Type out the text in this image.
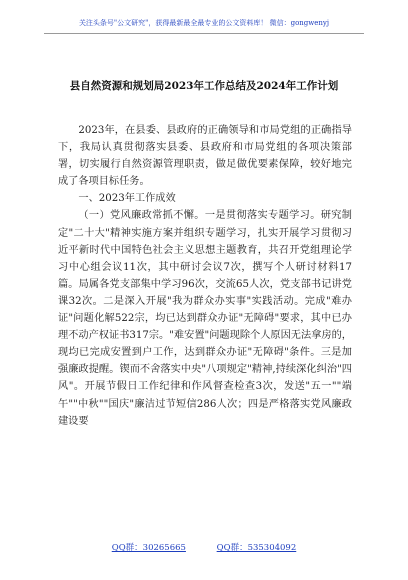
关注头条号"公文研究"，获得最新最全最专业的公文资料库！ 微信：gongwenyj
县自然资源和规划局2023年工作总结及2024年工作计划

2023年，在县委、县政府的正确领导和市局党组的正确指导下，我局认真贯彻落实县委、县政府和市局党组的各项决策部署，切实履行自然资源管理职责，做足做优要素保障，较好地完成了各项目标任务。

一、2023年工作成效

（一）党风廉政常抓不懈。一是贯彻落实专题学习。研究制定"二十大"精神实施方案并组织专题学习，扎实开展学习贯彻习近平新时代中国特色社会主义思想主题教育，共召开党组理论学习中心组会议11次，其中研讨会议7次，撰写个人研讨材料17篇。局属各党支部集中学习96次，交流65人次，党支部书记讲党课32次。二是深入开展"我为群众办实事"实践活动。完成"难办证"问题化解522宗，均已达到群众办证"无障碍"要求，其中已办理不动产权证书317宗。"难安置"问题现除个人原因无法拿房的，现均已完成安置到户工作，达到群众办证"无障碍"条件。三是加强廉政提醒。锲而不舍落实中央"八项规定"精神,持续深化纠治"四风"。开展节假日工作纪律和作风督查检查3次，发送"五一""端午""中秋""国庆"廉洁过节短信286人次；四是严格落实党风廉政建设要

QQ群：30265665	QQ群：535304092
